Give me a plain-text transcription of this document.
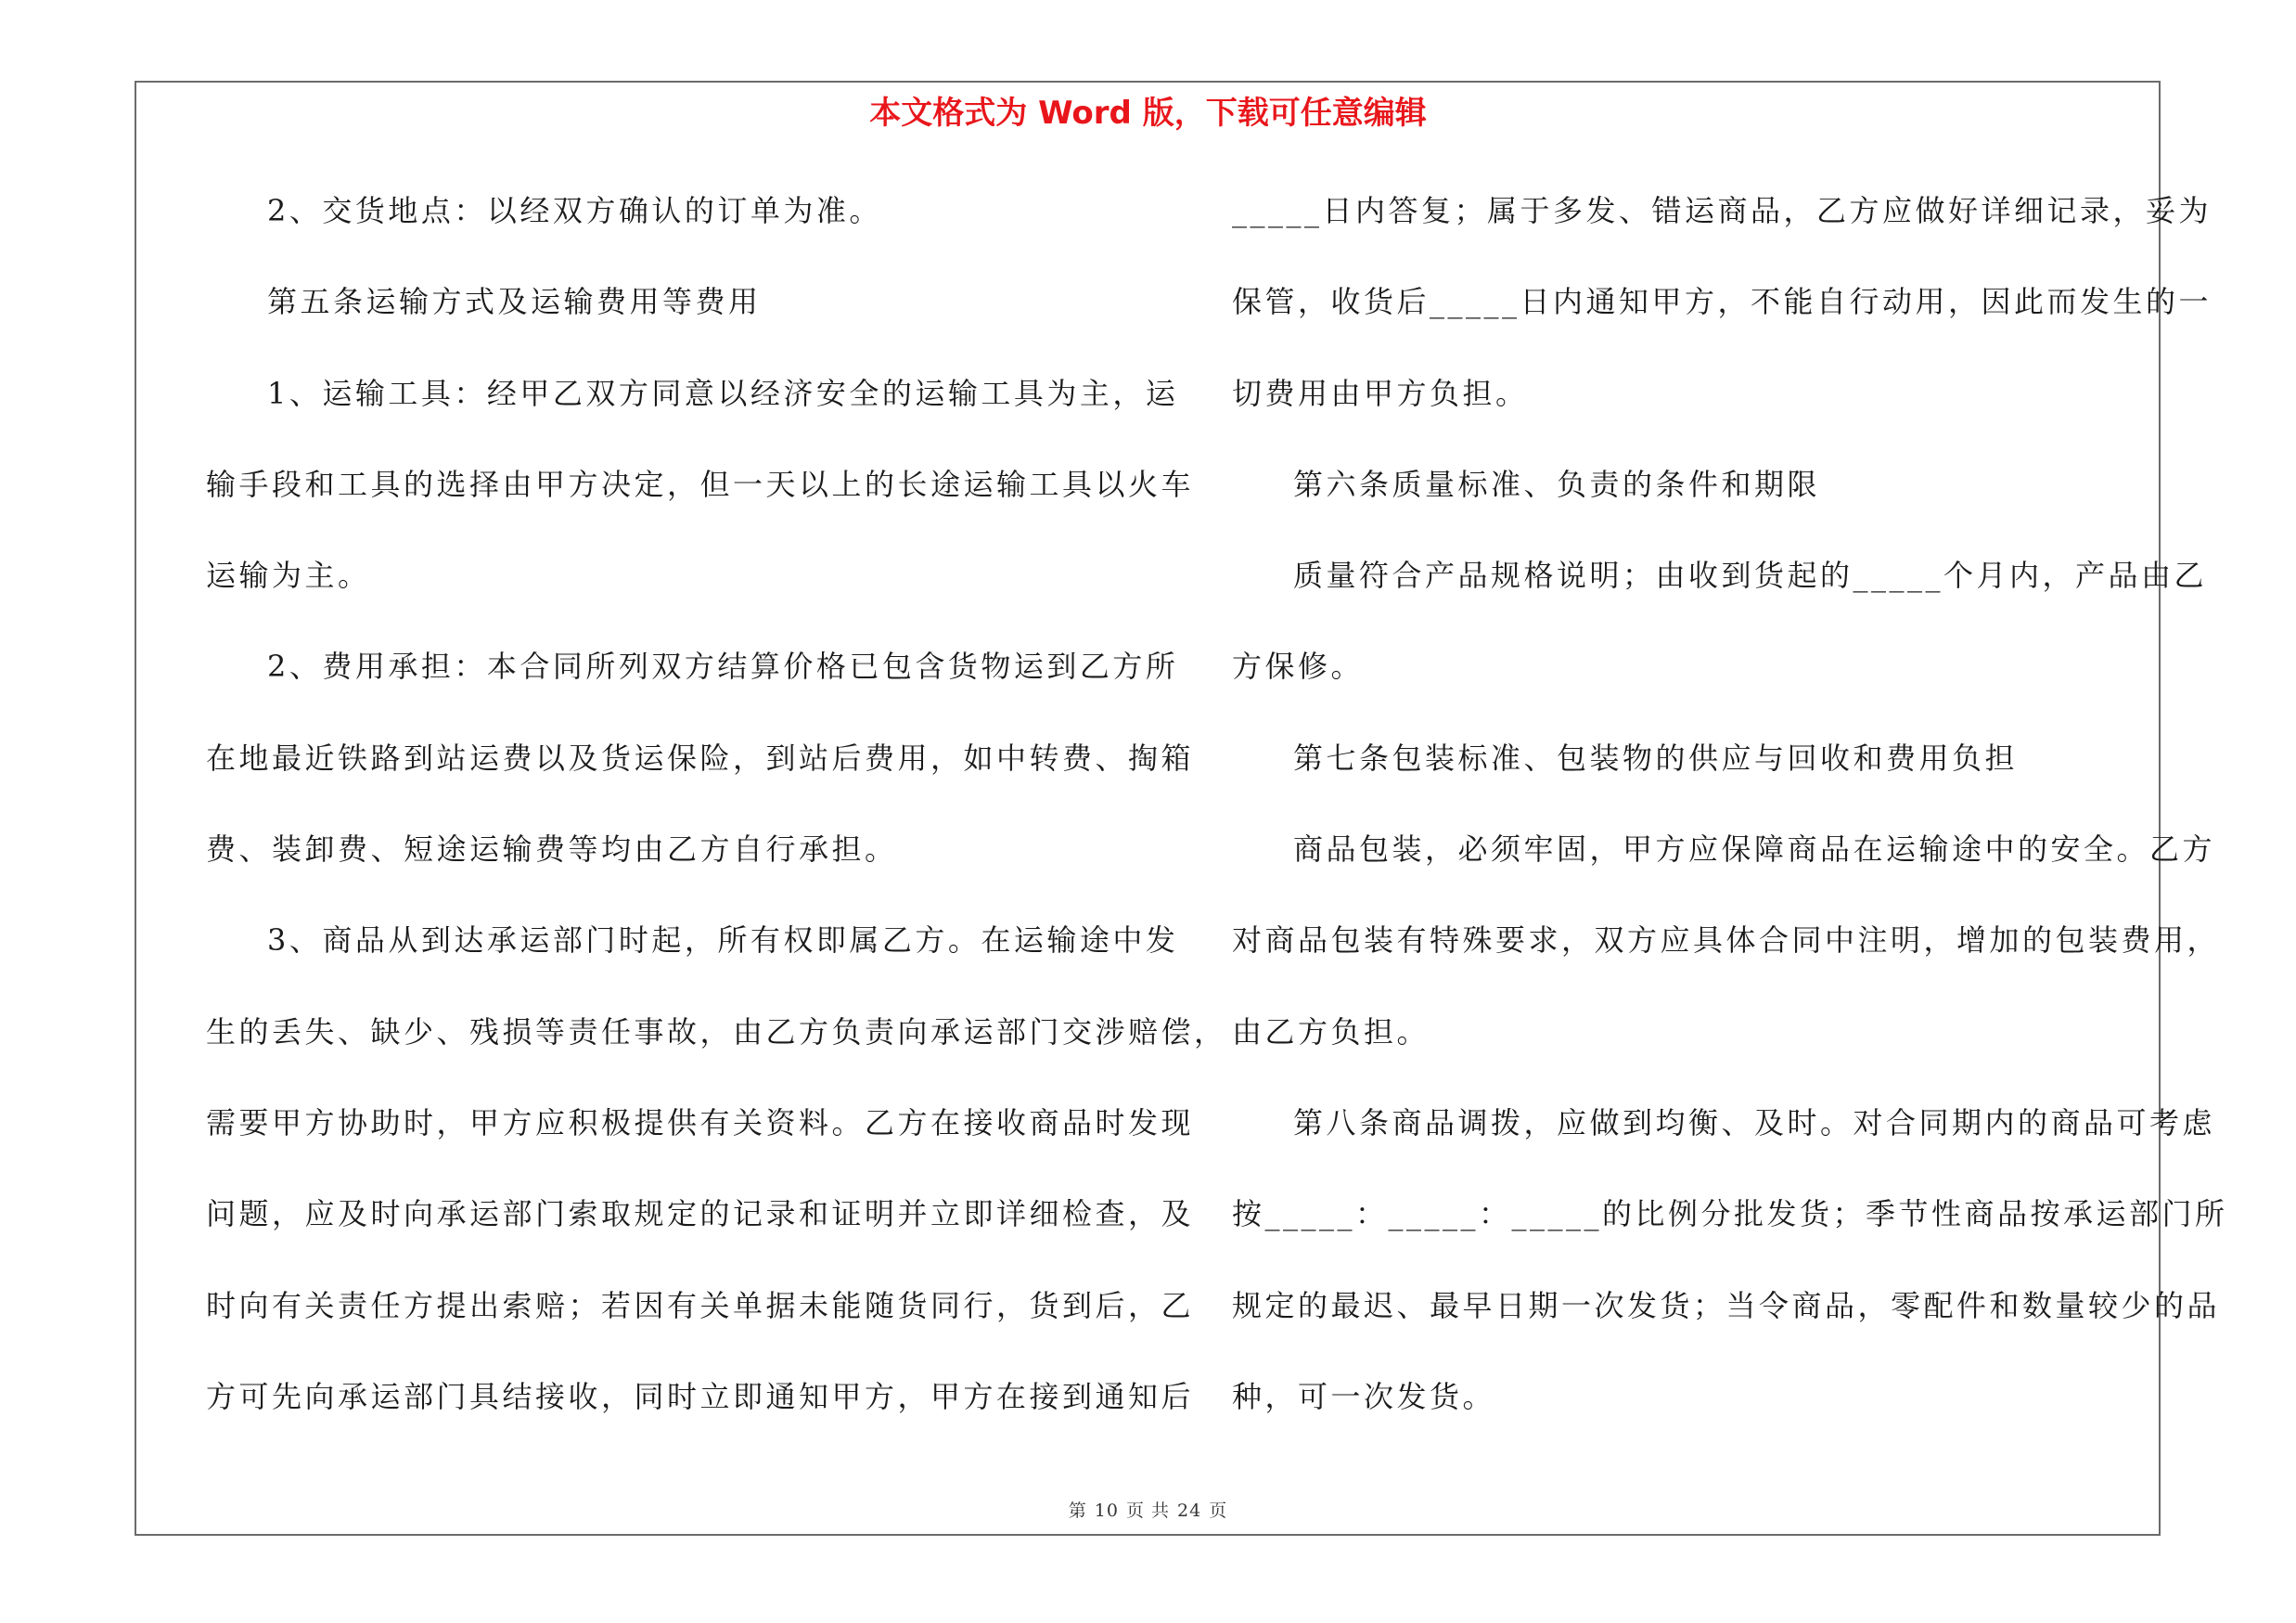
本文格式为 Word 版，下载可任意编辑
2、交货地点：以经双方确认的订单为准。
第五条运输方式及运输费用等费用
1、运输工具：经甲乙双方同意以经济安全的运输工具为主，运
输手段和工具的选择由甲方决定，但一天以上的长途运输工具以火车
运输为主。
2、费用承担：本合同所列双方结算价格已包含货物运到乙方所
在地最近铁路到站运费以及货运保险，到站后费用，如中转费、掏箱
费、装卸费、短途运输费等均由乙方自行承担。
3、商品从到达承运部门时起，所有权即属乙方。在运输途中发
生的丢失、缺少、残损等责任事故，由乙方负责向承运部门交涉赔偿，
需要甲方协助时，甲方应积极提供有关资料。乙方在接收商品时发现
问题，应及时向承运部门索取规定的记录和证明并立即详细检查，及
时向有关责任方提出索赔；若因有关单据未能随货同行，货到后，乙
方可先向承运部门具结接收，同时立即通知甲方，甲方在接到通知后
_____日内答复；属于多发、错运商品，乙方应做好详细记录，妥为
保管，收货后_____日内通知甲方，不能自行动用，因此而发生的一
切费用由甲方负担。
第六条质量标准、负责的条件和期限
质量符合产品规格说明；由收到货起的_____个月内，产品由乙
方保修。
第七条包装标准、包装物的供应与回收和费用负担
商品包装，必须牢固，甲方应保障商品在运输途中的安全。乙方
对商品包装有特殊要求，双方应具体合同中注明，增加的包装费用，
由乙方负担。
第八条商品调拨，应做到均衡、及时。对合同期内的商品可考虑
按_____：_____：_____的比例分批发货；季节性商品按承运部门所
规定的最迟、最早日期一次发货；当令商品，零配件和数量较少的品
种，可一次发货。
第 10 页 共 24 页
